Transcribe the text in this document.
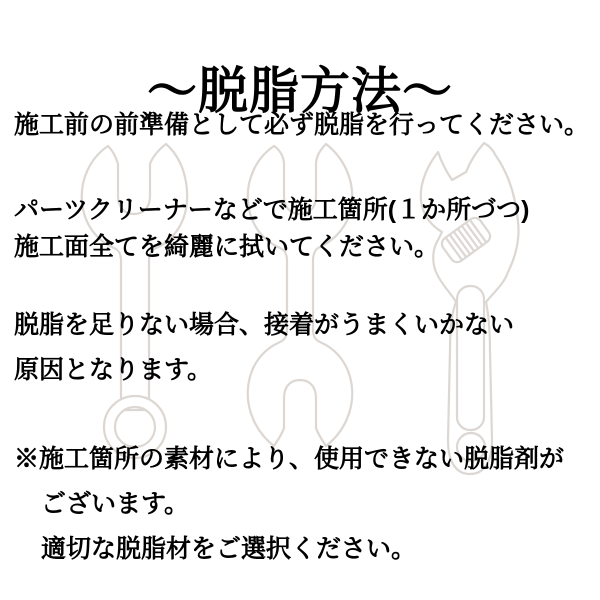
〜脱脂方法〜
施工前の前準備として必ず脱脂を行ってください。
パーツクリーナーなどで施工箇所(１か所づつ)
施工面全てを綺麗に拭いてください。
脱脂を足りない場合、接着がうまくいかない
原因となります。
※施工箇所の素材により、使用できない脱脂剤が
ございます。
適切な脱脂材をご選択ください。
